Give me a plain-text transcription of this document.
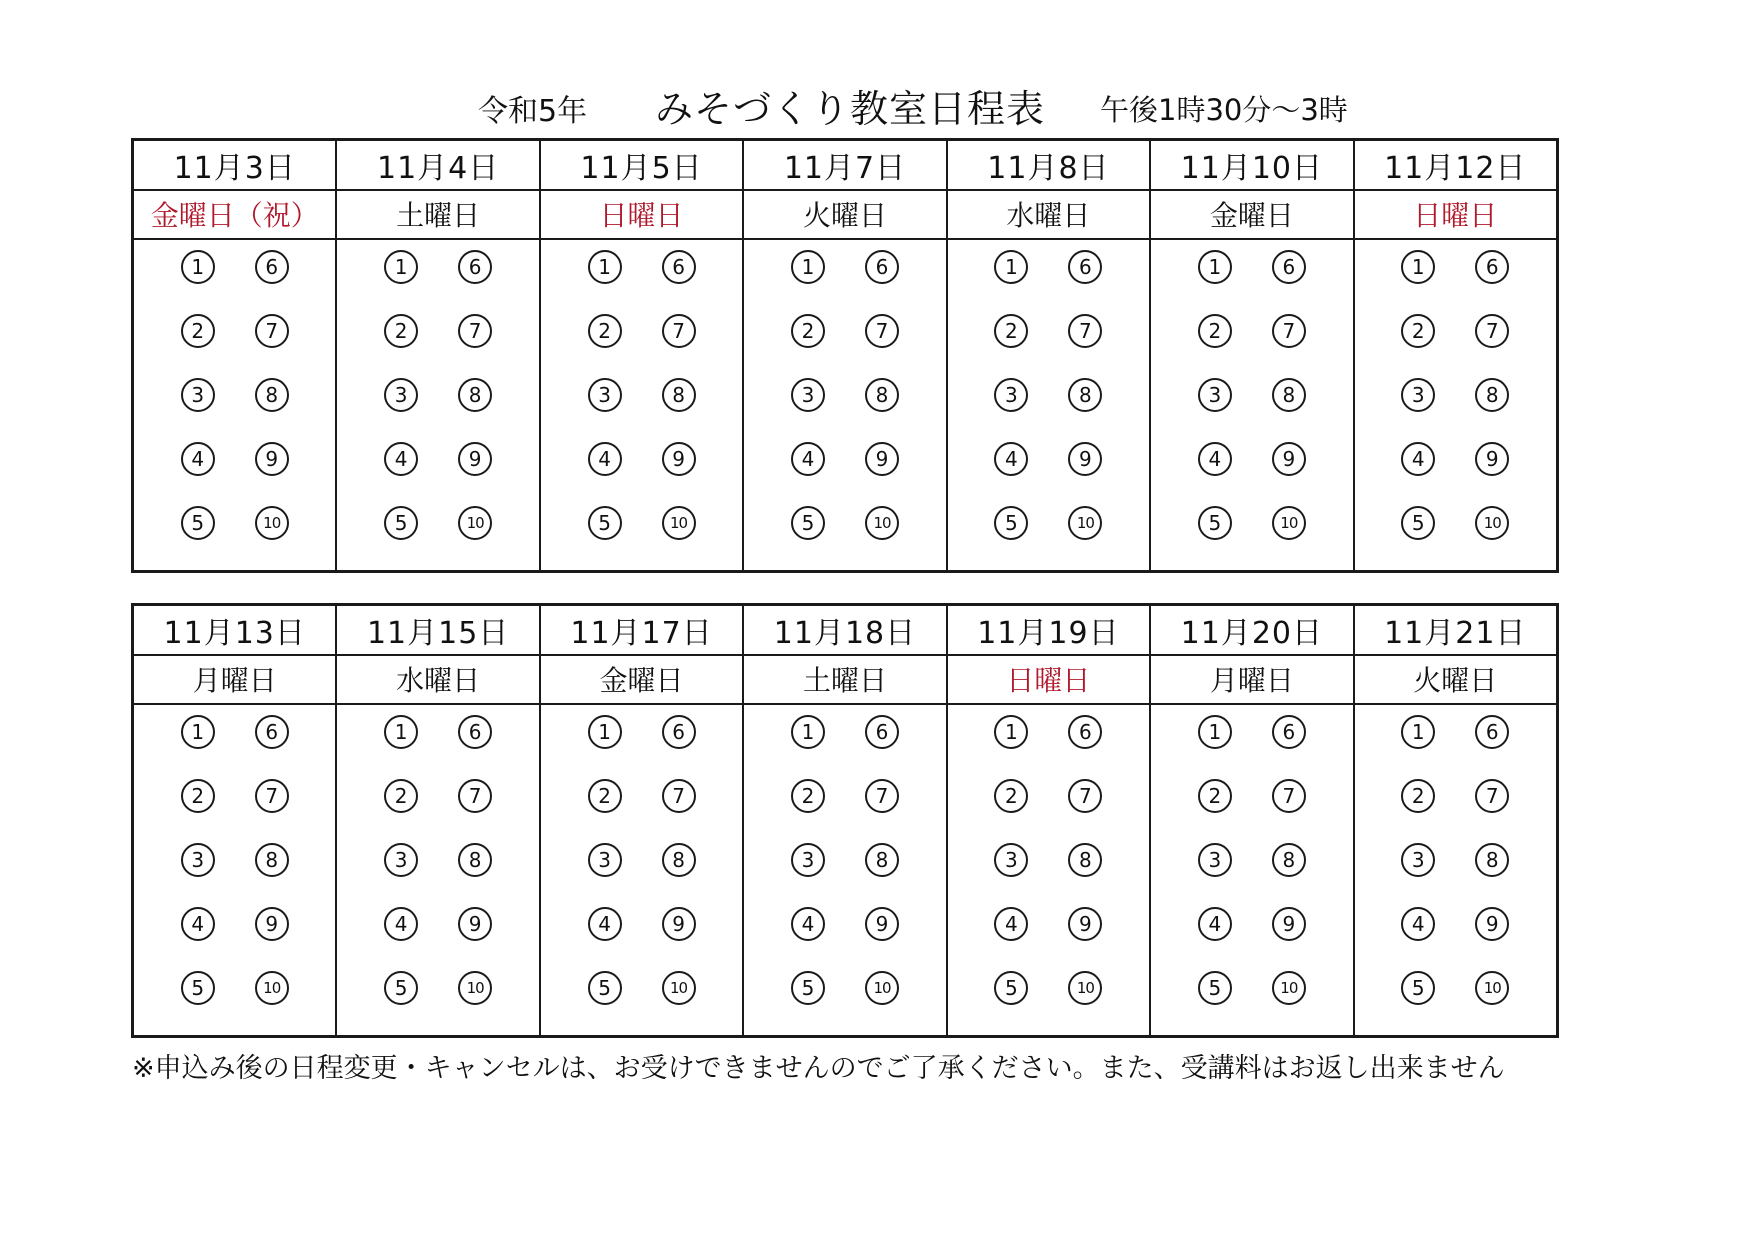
令和5年 みそづくり教室日程表 午後1時30分～3時
11月3日
金曜日（祝）
1
2
3
4
5
6
7
8
9
10
11月4日
土曜日
1
2
3
4
5
6
7
8
9
10
11月5日
日曜日
1
2
3
4
5
6
7
8
9
10
11月7日
火曜日
1
2
3
4
5
6
7
8
9
10
11月8日
水曜日
1
2
3
4
5
6
7
8
9
10
11月10日
金曜日
1
2
3
4
5
6
7
8
9
10
11月12日
日曜日
1
2
3
4
5
6
7
8
9
10
11月13日
月曜日
1
2
3
4
5
6
7
8
9
10
11月15日
水曜日
1
2
3
4
5
6
7
8
9
10
11月17日
金曜日
1
2
3
4
5
6
7
8
9
10
11月18日
土曜日
1
2
3
4
5
6
7
8
9
10
11月19日
日曜日
1
2
3
4
5
6
7
8
9
10
11月20日
月曜日
1
2
3
4
5
6
7
8
9
10
11月21日
火曜日
1
2
3
4
5
6
7
8
9
10
※申込み後の日程変更・キャンセルは、お受けできませんのでご了承ください。また、受講料はお返し出来ません
